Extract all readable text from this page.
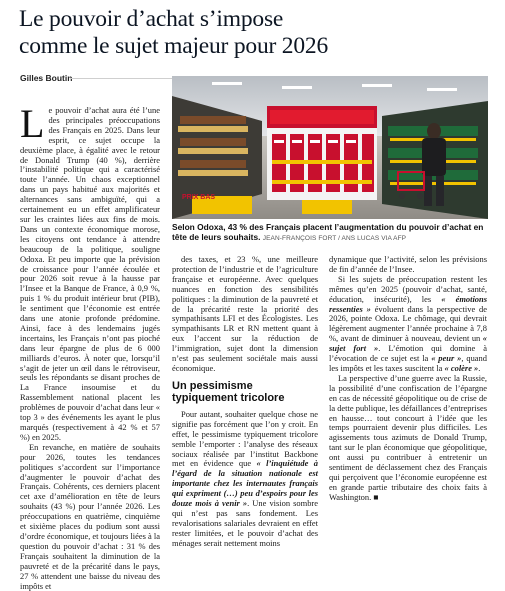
Le pouvoir d’achat s’impose
comme le sujet majeur pour 2026
Gilles Boutin
PRIX BAS
Selon Odoxa, 43 % des Français placent l’augmentation du pouvoir d’achat en tête de leurs souhaits. JEAN-FRANÇOIS FORT / ANS LUCAS VIA AFP

Le pouvoir d’achat aura été l’une des principales préoccupations des Français en 2025. Dans leur esprit, ce sujet occupe la deuxième place, à égalité avec le retour de Donald Trump (40 %), derrière l’instabilité politique qui a caractérisé toute l’année. Un chaos exceptionnel dans un pays habitué aux majorités et alternances sans ambiguïté, qui a certainement eu un effet amplificateur sur les craintes liées aux fins de mois. Dans un contexte économique morose, les citoyens ont tendance à attendre beaucoup de la politique, souligne Odoxa. Et peu importe que la prévision de croissance pour l’année écoulée et pour 2026 soit revue à la hausse par l’Insee et la Banque de France, à 0,9 %, puis 1 % du produit intérieur brut (PIB), le sentiment que l’économie est entrée dans une atonie profonde prédomine. Ainsi, face à des lendemains jugés incertains, les Français n’ont pas pioché dans leur épargne de plus de 6 000 milliards d’euros. À noter que, lorsqu’il s’agit de jeter un œil dans le rétroviseur, seuls les répondants se disant proches de La France insoumise et du Rassemblement national placent les problèmes de pouvoir d’achat dans leur « top 3 » des événements les ayant le plus marqués (respectivement à 42 % et 57 %) en 2025.

En revanche, en matière de souhaits pour 2026, toutes les tendances politiques s’accordent sur l’importance d’augmenter le pouvoir d’achat des Français. Cohérents, ces derniers placent cet axe d’amélioration en tête de leurs souhaits (43 %) pour l’année 2026. Les préoccupations en quatrième, cinquième et sixième places du podium sont aussi d’ordre économique, et toujours liées à la question du pouvoir d’achat : 31 % des Français souhaitent la diminution de la pauvreté et de la précarité dans le pays, 27 % attendent une baisse du niveau des impôts et

des taxes, et 23 %, une meilleure protection de l’industrie et de l’agriculture française et européenne. Avec quelques nuances en fonction des sensibilités politiques : la diminution de la pauvreté et de la précarité reste la priorité des sympathisants LFI et des Écologistes. Les sympathisants LR et RN mettent quant à eux l’accent sur la réduction de l’immigration, sujet dont la dimension n’est pas seulement sociétale mais aussi économique.

Un pessimisme typiquement tricolore

Pour autant, souhaiter quelque chose ne signifie pas forcément que l’on y croit. En effet, le pessimisme typiquement tricolore semble l’emporter : l’analyse des réseaux sociaux réalisée par l’institut Backbone met en évidence que « l’inquiétude à l’égard de la situation nationale est importante chez les internautes français qui expriment (…) peu d’espoirs pour les douze mois à venir ». Une vision sombre qui n’est pas sans fondement. Les revalorisations salariales devraient en effet rester limitées, et le pouvoir d’achat des ménages serait nettement moins

dynamique que l’activité, selon les prévisions de fin d’année de l’Insee.

Si les sujets de préoccupation restent les mêmes qu’en 2025 (pouvoir d’achat, santé, éducation, insécurité), les « émotions ressenties » évoluent dans la perspective de 2026, pointe Odoxa. Le chômage, qui devrait légèrement augmenter l’année prochaine à 7,8 %, avant de diminuer à nouveau, devient un « sujet fort ». L’émotion qui domine à l’évocation de ce sujet est la « peur », quand les impôts et les taxes suscitent la « colère ».

La perspective d’une guerre avec la Russie, la possibilité d’une confiscation de l’épargne en cas de nécessité géopolitique ou de crise de la dette publique, les défaillances d’entreprises en hausse… tout concourt à l’idée que les temps pourraient devenir plus difficiles. Les agissements tous azimuts de Donald Trump, tant sur le plan économique que géopolitique, ont aussi pu contribuer à entretenir un sentiment de déclassement chez des Français qui perçoivent que l’économie européenne est en grande partie tributaire des choix faits à Washington. ■
